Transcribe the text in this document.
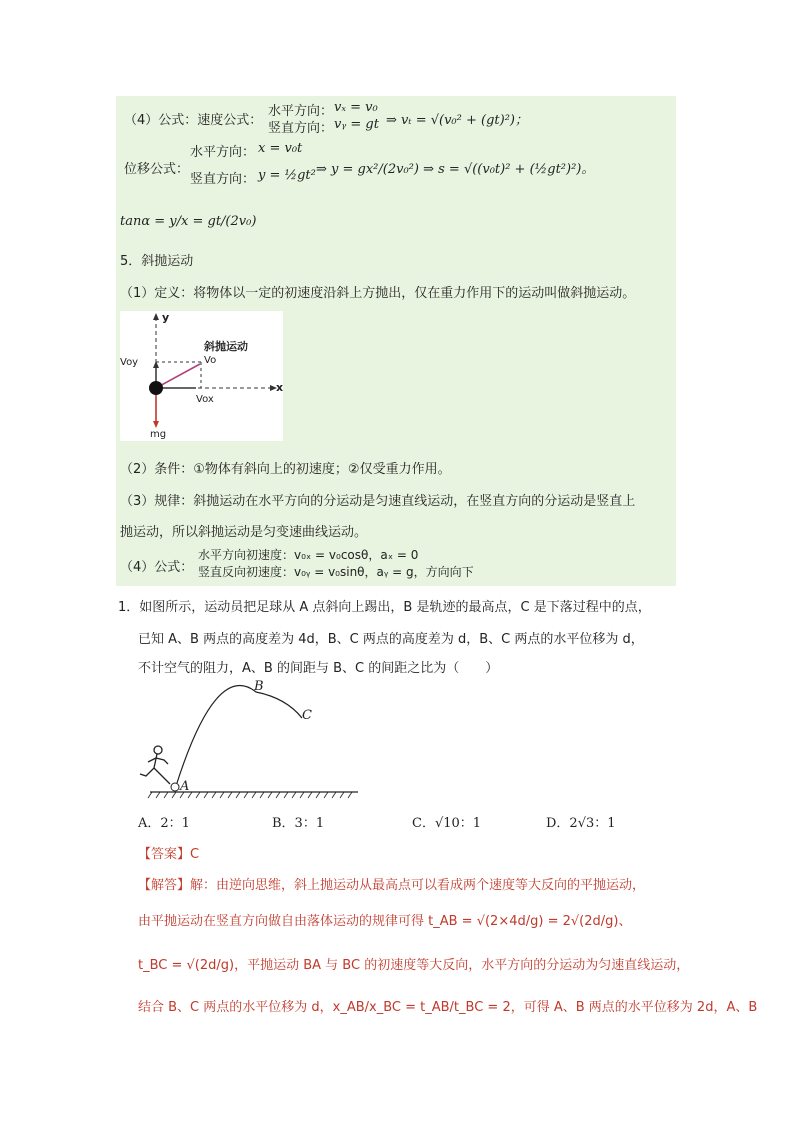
（4）公式：速度公式：
水平方向： vₓ = v₀
竖直方向： vᵧ = gt ⇒ vₜ = √(v₀² + (gt)²)；
位移公式：
水平方向： x = v₀t
竖直方向： y = ½gt² ⇒ y = gx²/(2v₀²) ⇒ s = √((v₀t)² + (½gt²)²)。
tanα = y/x = gt/(2v₀)
5．斜抛运动
（1）定义：将物体以一定的初速度沿斜上方抛出，仅在重力作用下的运动叫做斜抛运动。
y
斜抛运动
Voy	Vo
x
Vox
mg
（2）条件：①物体有斜向上的初速度；②仅受重力作用。
（3）规律：斜抛运动在水平方向的分运动是匀速直线运动，在竖直方向的分运动是竖直上
抛运动，所以斜抛运动是匀变速曲线运动。
（4）公式：
水平方向初速度：v₀ₓ = v₀cosθ，aₓ = 0
竖直反向初速度：v₀ᵧ = v₀sinθ，aᵧ = g，方向向下
1．如图所示，运动员把足球从 A 点斜向上踢出，B 是轨迹的最高点，C 是下落过程中的点，
已知 A、B 两点的高度差为 4d，B、C 两点的高度差为 d，B、C 两点的水平位移为 d，
不计空气的阻力，A、B 的间距与 B、C 的间距之比为（　　）
A
B
C
A．2：1	B．3：1	C．√10：1	D．2√3：1
【答案】C
【解答】解：由逆向思维，斜上抛运动从最高点可以看成两个速度等大反向的平抛运动，
由平抛运动在竖直方向做自由落体运动的规律可得 t_AB = √(2×4d/g) = 2√(2d/g)、
t_BC = √(2d/g)，平抛运动 BA 与 BC 的初速度等大反向，水平方向的分运动为匀速直线运动，
结合 B、C 两点的水平位移为 d，x_AB/x_BC = t_AB/t_BC = 2，可得 A、B 两点的水平位移为 2d，A、B
